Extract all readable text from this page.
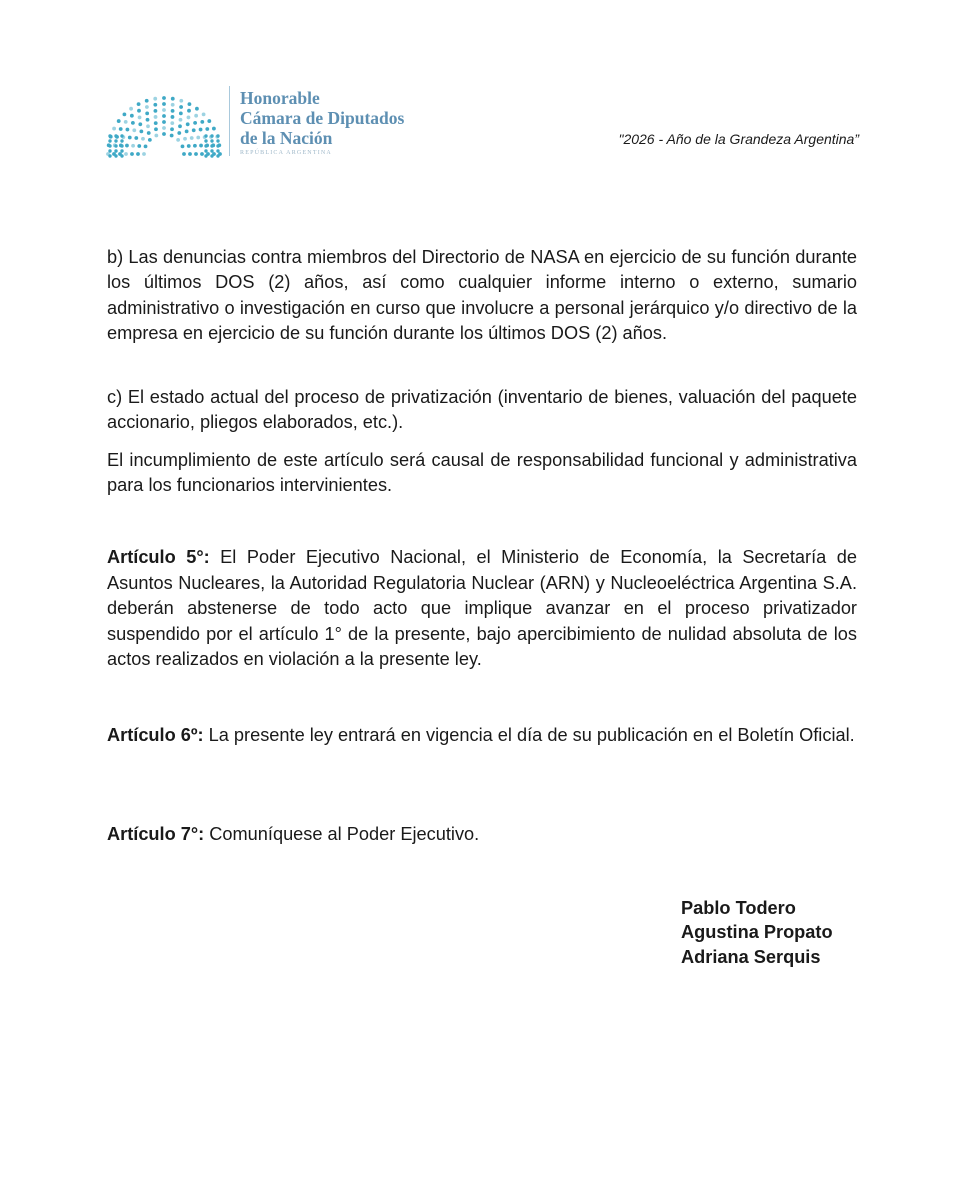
Honorable
Cámara de Diputados
de la Nación
REPÚBLICA ARGENTINA
"2026 - Año de la Grandeza Argentina”

b) Las denuncias contra miembros del Directorio de NASA en ejercicio de su función durante los últimos DOS (2) años, así como cualquier informe interno o externo, sumario administrativo o investigación en curso que involucre a personal jerárquico y/o directivo de la empresa en ejercicio de su función durante los últimos DOS (2) años.

c) El estado actual del proceso de privatización (inventario de bienes, valuación del paquete accionario, pliegos elaborados, etc.).

El incumplimiento de este artículo será causal de responsabilidad funcional y administrativa para los funcionarios intervinientes.

Artículo 5°: El Poder Ejecutivo Nacional, el Ministerio de Economía, la Secretaría de Asuntos Nucleares, la Autoridad Regulatoria Nuclear (ARN) y Nucleoeléctrica Argentina S.A. deberán abstenerse de todo acto que implique avanzar en el proceso privatizador suspendido por el artículo 1° de la presente, bajo apercibimiento de nulidad absoluta de los actos realizados en violación a la presente ley.

Artículo 6º: La presente ley entrará en vigencia el día de su publicación en el Boletín Oficial.

Artículo 7°: Comuníquese al Poder Ejecutivo.

Pablo Todero
Agustina Propato
Adriana Serquis
